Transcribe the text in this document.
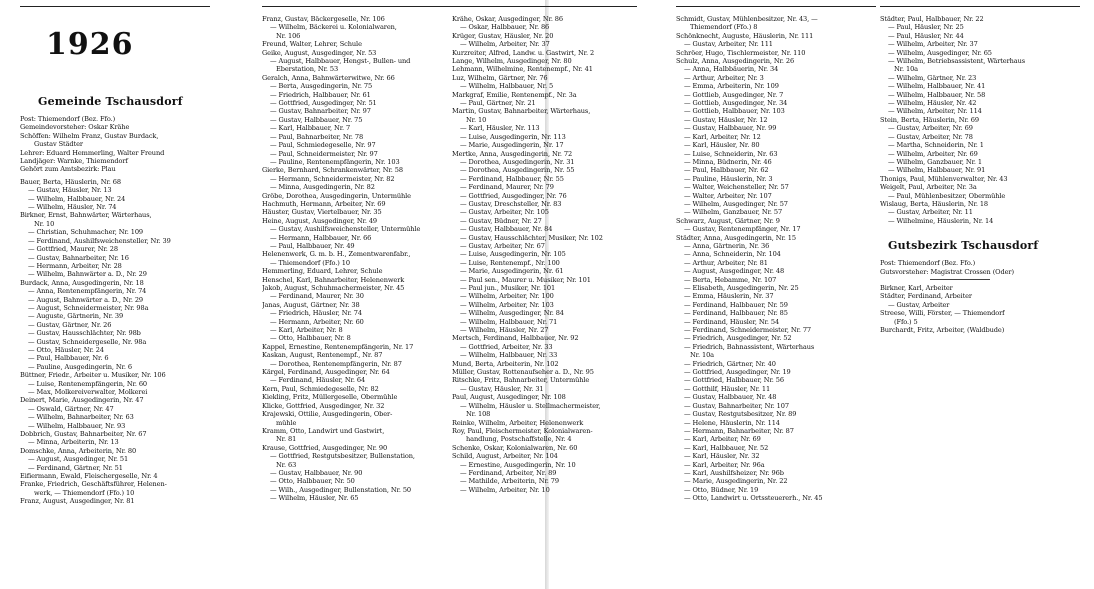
1926
Gemeinde Tschausdorf
Post: Thiemendorf (Bez. Ffo.)
Gemeindevorsteher: Oskar Krähe
Schöffen: Wilhelm Franz, Gustav Burdack,
Gustav Städter
Lehrer: Eduard Hemmerling, Walter Freund
Landjäger: Warnke, Thiemendorf
Gehört zum Amtsbezirk: Plau
Bauer, Berta, Häuslerin, Nr. 68
— Gustav, Häusler, Nr. 13
— Wilhelm, Halbbauer, Nr. 24
— Wilhelm, Häusler, Nr. 74
Birkner, Ernst, Bahnwärter, Wärterhaus,
Nr. 10
— Christian, Schuhmacher, Nr. 109
— Ferdinand, Aushilfsweichensteller, Nr. 39
— Gottfried, Maurer, Nr. 28
— Gustav, Bahnarbeiter, Nr. 16
— Hermann, Arbeiter, Nr. 28
— Wilhelm, Bahnwärter a. D., Nr. 29
Burdack, Anna, Ausgedingerin, Nr. 18
— Anna, Rentenempfängerin, Nr. 74
— August, Bahnwärter a. D., Nr. 29
— August, Schneidermeister, Nr. 98a
— Auguste, Gärtnerin, Nr. 39
— Gustav, Gärtner, Nr. 26
— Gustav, Hausschlächter, Nr. 98b
— Gustav, Schneidergeselle, Nr. 98a
— Otto, Häusler, Nr. 24
— Paul, Halbbauer, Nr. 6
— Pauline, Ausgedingerin, Nr. 6
Büttner, Friedr., Arbeiter u. Musiker, Nr. 106
— Luise, Rentenempfängerin, Nr. 60
— Max, Molkereiverwalter, Molkerei
Deinert, Marie, Ausgedingerin, Nr. 47
— Oswald, Gärtner, Nr. 47
— Wilhelm, Bahnarbeiter, Nr. 63
— Wilhelm, Halbbauer, Nr. 93
Dobbrich, Gustav, Bahnarbeiter, Nr. 67
— Minna, Arbeiterin, Nr. 13
Domschke, Anna, Arbeiterin, Nr. 80
— August, Ausgedinger, Nr. 51
— Ferdinand, Gärtner, Nr. 51
Eifiermann, Ewald, Fleischergeselle, Nr. 4
Franke, Friedrich, Geschäftsführer, Helenen-
werk, — Thiemendorf (Ffo.) 10
Franz, August, Ausgedinger, Nr. 81
Franz, Gustav, Bäckergeselle, Nr. 106
— Wilhelm, Bäckerei u. Kolonialwaren,
Nr. 106
Freund, Walter, Lehrer, Schule
Geike, August, Ausgedinger, Nr. 53
— August, Halbbauer, Hengst-, Bullen- und
Eberstation, Nr. 53
Geralch, Anna, Bahnwärterwitwe, Nr. 66
— Berta, Ausgedingerin, Nr. 75
— Friedrich, Halbbauer, Nr. 61
— Gottfried, Ausgedinger, Nr. 51
— Gustav, Bahnarbeiter, Nr. 97
— Gustav, Halbbauer, Nr. 75
— Karl, Halbbauer, Nr. 7
— Paul, Bahnarbeiter, Nr. 78
— Paul, Schmiedegeselle, Nr. 97
— Paul, Schneidermeister, Nr. 97
— Pauline, Rentenempfängerin, Nr. 103
Gierke, Bernhard, Schrankenwärter, Nr. 58
— Hermann, Schneidermeister, Nr. 82
— Minna, Ausgedingerin, Nr. 82
Gröbe, Dorothea, Ausgedingerin, Untermühle
Hachmuth, Hermann, Arbeiter, Nr. 69
Häuster, Gustav, Viertelbauer, Nr. 35
Heine, August, Ausgedinger, Nr. 49
— Gustav, Aushilfsweichensteller, Untermühle
— Hermann, Halbbauer, Nr. 66
— Paul, Halbbauer, Nr. 49
Helenenwerk, G. m. b. H., Zementwarenfabr.,
— Thiemendorf (Ffo.) 10
Hemmerling, Eduard, Lehrer, Schule
Henschel, Karl, Bahnarbeiter, Helenenwerk
Jakob, August, Schuhmachermeister, Nr. 45
— Ferdinand, Maurer, Nr. 30
Janas, August, Gärtner, Nr. 38
— Friedrich, Häusler, Nr. 74
— Hermann, Arbeiter, Nr. 60
— Karl, Arbeiter, Nr. 8
— Otto, Halbbauer, Nr. 8
Kappel, Ernestine, Rentenempfängerin, Nr. 17
Kaskan, August, Rentenempf., Nr. 87
— Dorothea, Rentenempfängerin, Nr. 87
Kärgel, Ferdinand, Ausgedinger, Nr. 64
— Ferdinand, Häusler, Nr. 64
Kern, Paul, Schmiedegeselle, Nr. 82
Kiekling, Fritz, Müllergeselle, Obermühle
Klicke, Gottfried, Ausgedinger, Nr. 32
Krajewski, Ottilie, Ausgedingerin, Ober-
mühle
Kramm, Otto, Landwirt und Gastwirt,
Nr. 81
Krause, Gottfried, Ausgedinger, Nr. 90
— Gottfried, Restgutsbesitzer, Bullenstation,
Nr. 63
— Gustav, Halbbauer, Nr. 90
— Otto, Halbbauer, Nr. 50
— Wilh., Ausgedinger, Bullenstation, Nr. 50
— Wilhelm, Häusler, Nr. 65
Krähe, Oskar, Ausgedinger, Nr. 86
— Oskar, Halbbauer, Nr. 86
Krüger, Gustav, Häusler, Nr. 20
— Wilhelm, Arbeiter, Nr. 37
Kurzreiter, Alfred, Landw. u. Gastwirt, Nr. 2
Lange, Wilhelm, Ausgedinger, Nr. 80
Lehmann, Wilhelmine, Rentenempf., Nr. 41
Luz, Wilhelm, Gärtner, Nr. 76
— Wilhelm, Halbbauer, Nr. 5
Markgraf, Emilie, Rentenempf., Nr. 3a
— Paul, Gärtner, Nr. 21
Martin, Gustav, Bahnarbeiter, Wärterhaus,
Nr. 10
— Karl, Häusler, Nr. 113
— Luise, Ausgedingerin, Nr. 113
— Marie, Ausgedingerin, Nr. 17
Mertke, Anna, Ausgedingerin, Nr. 72
— Dorothea, Ausgedingerin, Nr. 31
— Dorothea, Ausgedingerin, Nr. 55
— Ferdinand, Halbbauer, Nr. 55
— Ferdinand, Maurer, Nr. 79
— Gottfried, Ausgedinger, Nr. 76
— Gustav, Dreschsteller, Nr. 83
— Gustav, Arbeiter, Nr. 105
— Gustav, Büdner, Nr. 27
— Gustav, Halbbauer, Nr. 84
— Gustav, Hausschlächter, Musiker, Nr. 102
— Gustav, Arbeiter, Nr. 67
— Luise, Ausgedingerin, Nr. 105
— Luise, Rentenempf., Nr. 100
— Marie, Ausgedingerin, Nr. 61
— Paul sen., Maurer u. Musiker, Nr. 101
— Paul jun., Musiker, Nr. 101
— Wilhelm, Arbeiter, Nr. 100
— Wilhelm, Arbeiter, Nr. 103
— Wilhelm, Ausgedinger, Nr. 84
— Wilhelm, Halbbauer, Nr. 71
— Wilhelm, Häusler, Nr. 27
Mertsch, Ferdinand, Halbbauer, Nr. 92
— Gottfried, Arbeiter, Nr. 33
— Wilhelm, Halbbauer, Nr. 33
Mund, Berta, Arbeiterin, Nr. 102
Müller, Gustav, Rottenaufseher a. D., Nr. 95
Ritschke, Fritz, Bahnarbeiter, Untermühle
— Gustav, Häusler, Nr. 31
Paul, August, Ausgedinger, Nr. 108
— Wilhelm, Häusler u. Stellmachermeister,
Nr. 108
Reinke, Wilhelm, Arbeiter, Helenenwerk
Roy, Paul, Fleischermeister, Kolonialwaren-
handlung, Postschaffstelle, Nr. 4
Schenke, Oskar, Kolonialwaren, Nr. 60
Schild, August, Arbeiter, Nr. 104
— Ernestine, Ausgedingerin, Nr. 10
— Ferdinand, Arbeiter, Nr. 89
— Mathilde, Arbeiterin, Nr. 79
— Wilhelm, Arbeiter, Nr. 10
Schmidt, Gustav, Mühlenbesitzer, Nr. 43, —
Thiemendorf (Ffo.) 8
Schönknecht, Auguste, Häuslerin, Nr. 111
— Gustav, Arbeiter, Nr. 111
Schröer, Hugo, Tischlermeister, Nr. 110
Schulz, Anna, Ausgedingerin, Nr. 26
— Anna, Halbbäuerin, Nr. 34
— Arthur, Arbeiter, Nr. 3
— Emma, Arbeiterin, Nr. 109
— Gottlieb, Ausgedinger, Nr. 7
— Gottlieb, Ausgedinger, Nr. 34
— Gottlieb, Halbbauer, Nr. 103
— Gustav, Häusler, Nr. 12
— Gustav, Halbbauer, Nr. 99
— Karl, Arbeiter, Nr. 12
— Karl, Häusler, Nr. 80
— Luise, Schneiderin, Nr. 63
— Minna, Büdnerin, Nr. 46
— Paul, Halbbauer, Nr. 62
— Pauline, Häuslerin, Nr. 3
— Walter, Weichensteller, Nr. 57
— Walter, Arbeiter, Nr. 107
— Wilhelm, Ausgedinger, Nr. 57
— Wilhelm, Ganzbauer, Nr. 57
Schwarz, August, Gärtner, Nr. 9
— Gustav, Rentenempfänger, Nr. 17
Städter, Anna, Ausgedingerin, Nr. 15
— Anna, Gärtnerin, Nr. 36
— Anna, Schneiderin, Nr. 104
— Arthur, Arbeiter, Nr. 81
— August, Ausgedinger, Nr. 48
— Berta, Hebamme, Nr. 107
— Elisabeth, Ausgedingerin, Nr. 25
— Emma, Häuslerin, Nr. 37
— Ferdinand, Halbbauer, Nr. 59
— Ferdinand, Halbbauer, Nr. 85
— Ferdinand, Häusler, Nr. 54
— Ferdinand, Schneidermeister, Nr. 77
— Friedrich, Ausgedinger, Nr. 52
— Friedrich, Bahnassistent, Wärterhaus
Nr. 10a
— Friedrich, Gärtner, Nr. 40
— Gottfried, Ausgedinger, Nr. 19
— Gottfried, Halbbauer, Nr. 56
— Gotthilf, Häusler, Nr. 11
— Gustav, Halbbauer, Nr. 48
— Gustav, Bahnarbeiter, Nr. 107
— Gustav, Restgutsbesitzer, Nr. 89
— Helene, Häuslerin, Nr. 114
— Hermann, Bahnarbeiter, Nr. 87
— Karl, Arbeiter, Nr. 69
— Karl, Halbbauer, Nr. 52
— Karl, Häusler, Nr. 32
— Karl, Arbeiter, Nr. 96a
— Karl, Aushilfsheizer, Nr. 96b
— Marie, Ausgedingerin, Nr. 22
— Otto, Büdner, Nr. 19
— Otto, Landwirt u. Ortssteuererh., Nr. 45
Städter, Paul, Halbbauer, Nr. 22
— Paul, Häusler, Nr. 25
— Paul, Häusler, Nr. 44
— Wilhelm, Arbeiter, Nr. 37
— Wilhelm, Ausgedinger, Nr. 65
— Wilhelm, Betriebsassistent, Wärterhaus
Nr. 10a
— Wilhelm, Gärtner, Nr. 23
— Wilhelm, Halbbauer, Nr. 41
— Wilhelm, Halbbauer, Nr. 58
— Wilhelm, Häusler, Nr. 42
— Wilhelm, Arbeiter, Nr. 114
Stein, Berta, Häuslerin, Nr. 69
— Gustav, Arbeiter, Nr. 69
— Gustav, Arbeiter, Nr. 78
— Martha, Schneiderin, Nr. 1
— Wilhelm, Arbeiter, Nr. 69
— Wilhelm, Ganzbauer, Nr. 1
— Wilhelm, Halbbauer, Nr. 91
Thonigs, Paul, Mühlenverwalter, Nr. 43
Weigelt, Paul, Arbeiter, Nr. 3a
— Paul, Mühlenbesitzer, Obermühle
Wislaug, Berta, Häuslerin, Nr. 18
— Gustav, Arbeiter, Nr. 11
— Wilhelmine, Häuslerin, Nr. 14
Gutsbezirk Tschausdorf
Post: Thiemendorf (Bez. Ffo.)
Gutsvorsteher: Magistrat Crossen (Oder)
Birkner, Karl, Arbeiter
Städter, Ferdinand, Arbeiter
— Gustav, Arbeiter
Streese, Willi, Förster, — Thiemendorf
(Ffo.) 5
Burchardt, Fritz, Arbeiter, (Waldbude)
